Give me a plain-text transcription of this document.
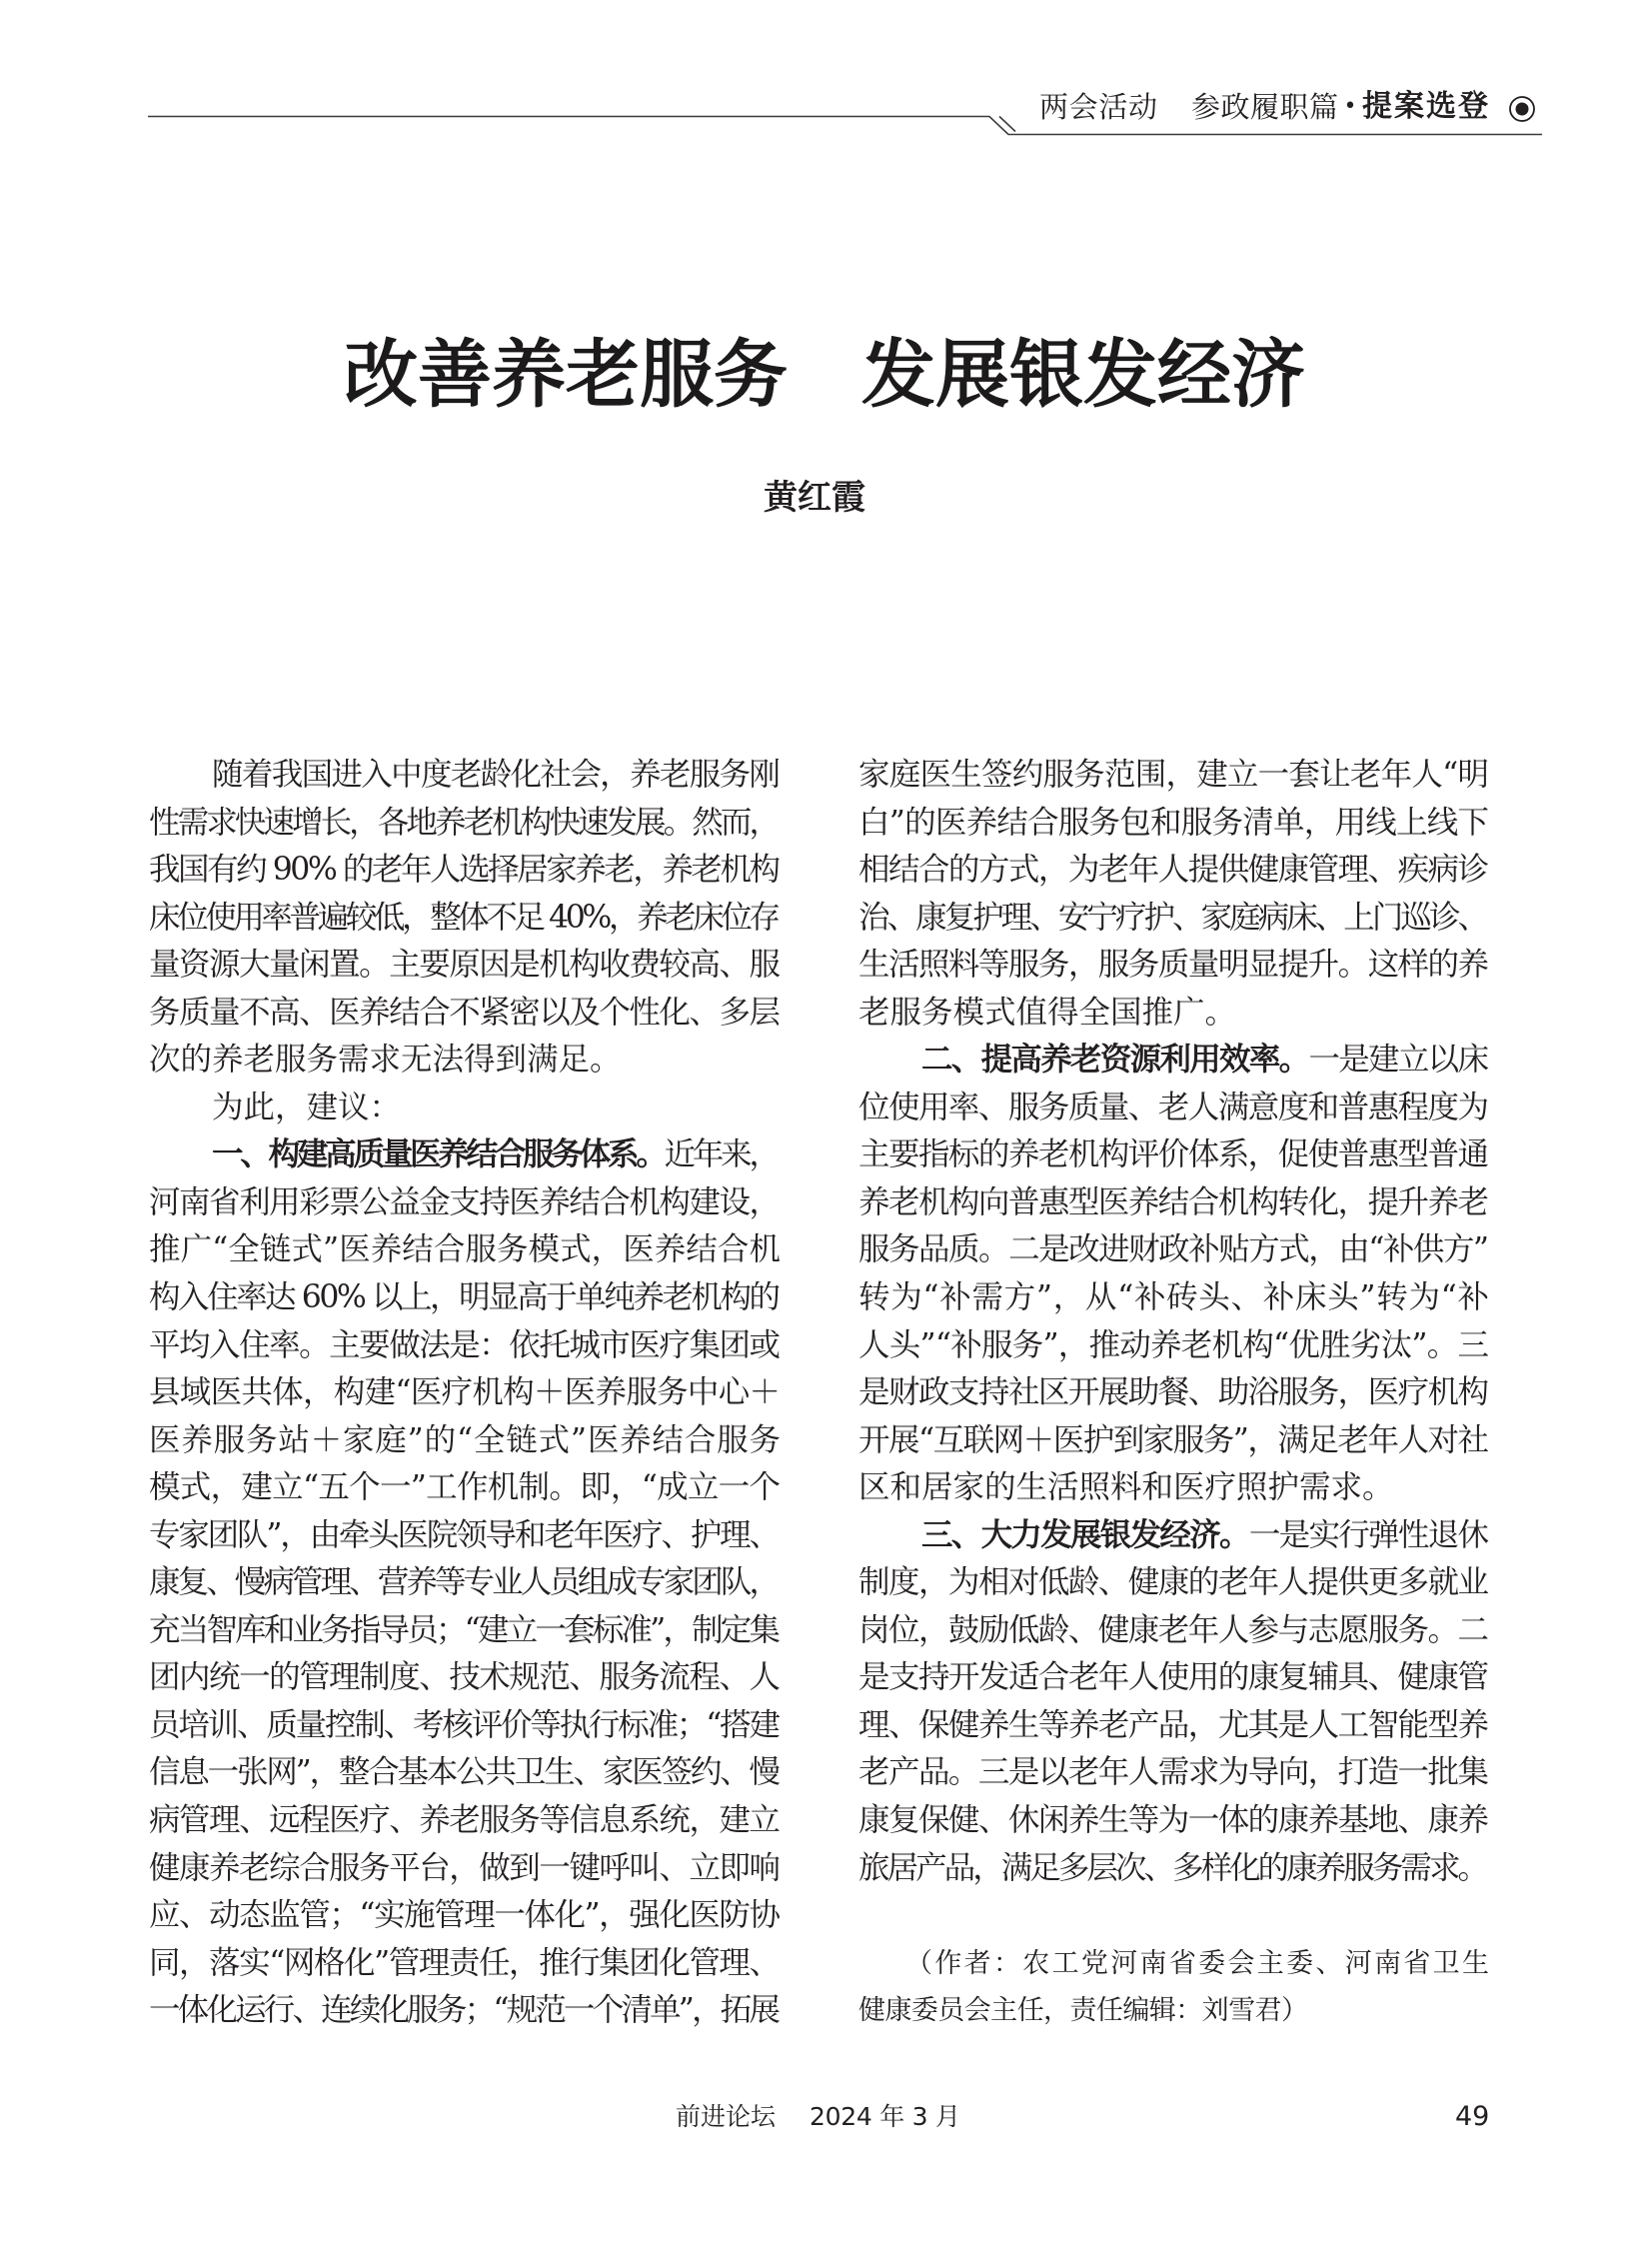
两会活动 参政履职篇 • 提案选登
改善养老服务　发展银发经济
黄红霞
随着我国进入中度老龄化社会，养老服务刚
性需求快速增长，各地养老机构快速发展。然而，
我国有约 90% 的老年人选择居家养老，养老机构
床位使用率普遍较低，整体不足 40%，养老床位存
量资源大量闲置。主要原因是机构收费较高、服
务质量不高、医养结合不紧密以及个性化、多层
次的养老服务需求无法得到满足。
为此，建议：
一、构建高质量医养结合服务体系。近年来，
河南省利用彩票公益金支持医养结合机构建设，
推广“全链式”医养结合服务模式，医养结合机
构入住率达 60% 以上，明显高于单纯养老机构的
平均入住率。主要做法是：依托城市医疗集团或
县域医共体，构建“医疗机构＋医养服务中心＋
医养服务站＋家庭”的“全链式”医养结合服务
模式，建立“五个一”工作机制。即，“成立一个
专家团队”，由牵头医院领导和老年医疗、护理、
康复、慢病管理、营养等专业人员组成专家团队，
充当智库和业务指导员；“建立一套标准”，制定集
团内统一的管理制度、技术规范、服务流程、人
员培训、质量控制、考核评价等执行标准；“搭建
信息一张网”，整合基本公共卫生、家医签约、慢
病管理、远程医疗、养老服务等信息系统，建立
健康养老综合服务平台，做到一键呼叫、立即响
应、动态监管；“实施管理一体化”，强化医防协
同，落实“网格化”管理责任，推行集团化管理、
一体化运行、连续化服务；“规范一个清单”，拓展
家庭医生签约服务范围，建立一套让老年人“明
白”的医养结合服务包和服务清单，用线上线下
相结合的方式，为老年人提供健康管理、疾病诊
治、康复护理、安宁疗护、家庭病床、上门巡诊、
生活照料等服务，服务质量明显提升。这样的养
老服务模式值得全国推广。
二、提高养老资源利用效率。一是建立以床
位使用率、服务质量、老人满意度和普惠程度为
主要指标的养老机构评价体系，促使普惠型普通
养老机构向普惠型医养结合机构转化，提升养老
服务品质。二是改进财政补贴方式，由“补供方”
转为“补需方”，从“补砖头、补床头”转为“补
人头”“补服务”，推动养老机构“优胜劣汰”。三
是财政支持社区开展助餐、助浴服务，医疗机构
开展“互联网＋医护到家服务”，满足老年人对社
区和居家的生活照料和医疗照护需求。
三、大力发展银发经济。一是实行弹性退休
制度，为相对低龄、健康的老年人提供更多就业
岗位，鼓励低龄、健康老年人参与志愿服务。二
是支持开发适合老年人使用的康复辅具、健康管
理、保健养生等养老产品，尤其是人工智能型养
老产品。三是以老年人需求为导向，打造一批集
康复保健、休闲养生等为一体的康养基地、康养
旅居产品，满足多层次、多样化的康养服务需求。
（作者：农工党河南省委会主委、河南省卫生
健康委员会主任，责任编辑：刘雪君）
前进论坛 2024 年 3 月	49
